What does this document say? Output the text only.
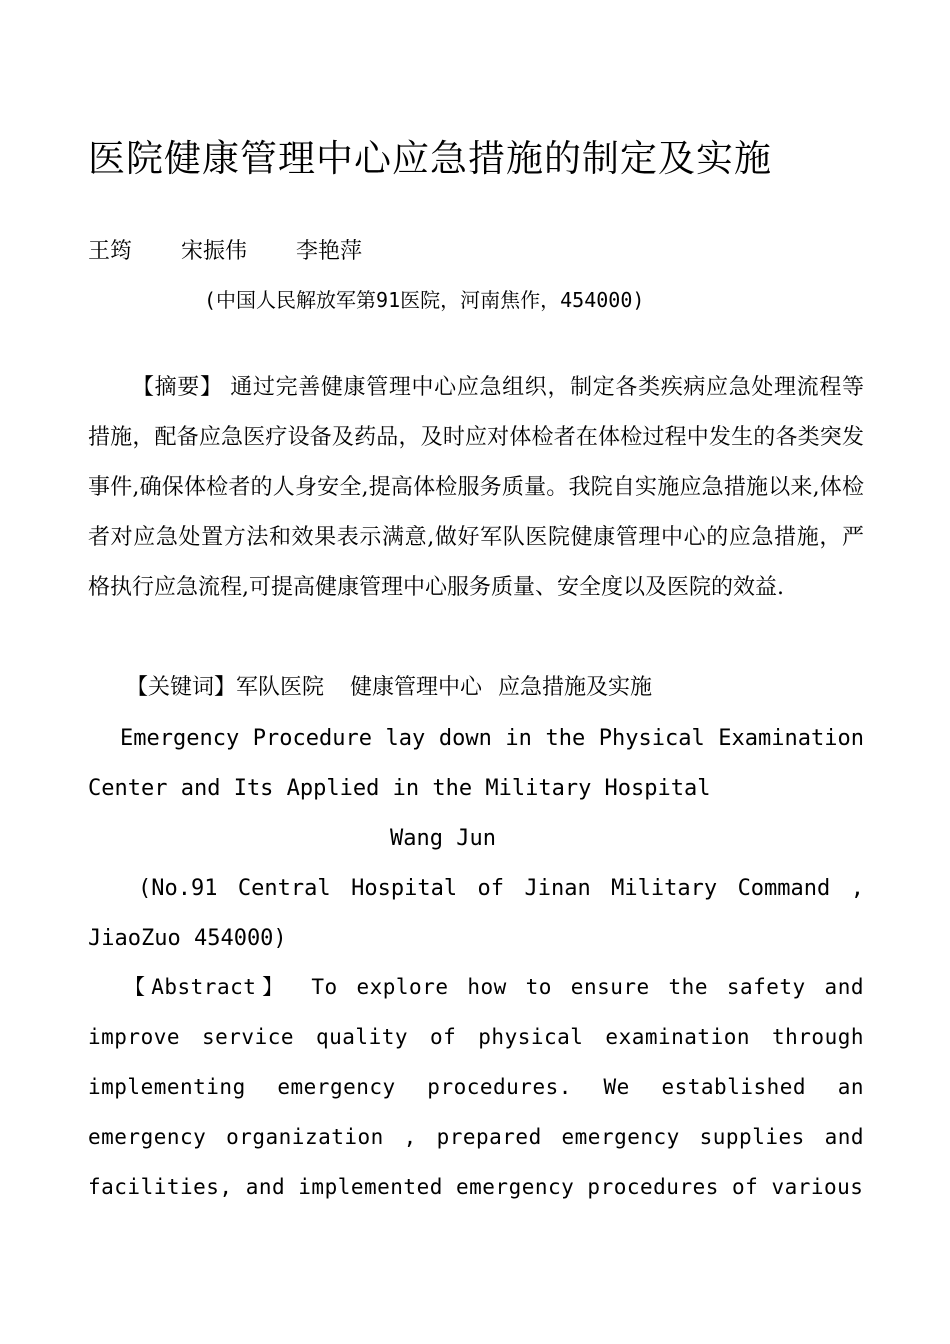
医院健康管理中心应急措施的制定及实施
王筠 宋振伟 李艳萍
(中国人民解放军第91医院，河南焦作，454000)
【摘要】 通过完善健康管理中心应急组织，制定各类疾病应急处理流程等措施，配备应急医疗设备及药品，及时应对体检者在体检过程中发生的各类突发事件,确保体检者的人身安全,提高体检服务质量。我院自实施应急措施以来,体检者对应急处置方法和效果表示满意,做好军队医院健康管理中心的应急措施，严格执行应急流程,可提高健康管理中心服务质量、安全度以及医院的效益.
【关键词】军队医院 健康管理中心 应急措施及实施
Emergency Procedure lay down in the Physical Examination Center and Its Applied in the Military Hospital
Wang Jun
(No.91 Central Hospital of Jinan Military Command , JiaoZuo 454000)
【Abstract】 To explore how to ensure the safety and improve service quality of physical examination through implementing emergency procedures. We established an emergency organization , prepared emergency supplies and facilities, and implemented emergency procedures of various
